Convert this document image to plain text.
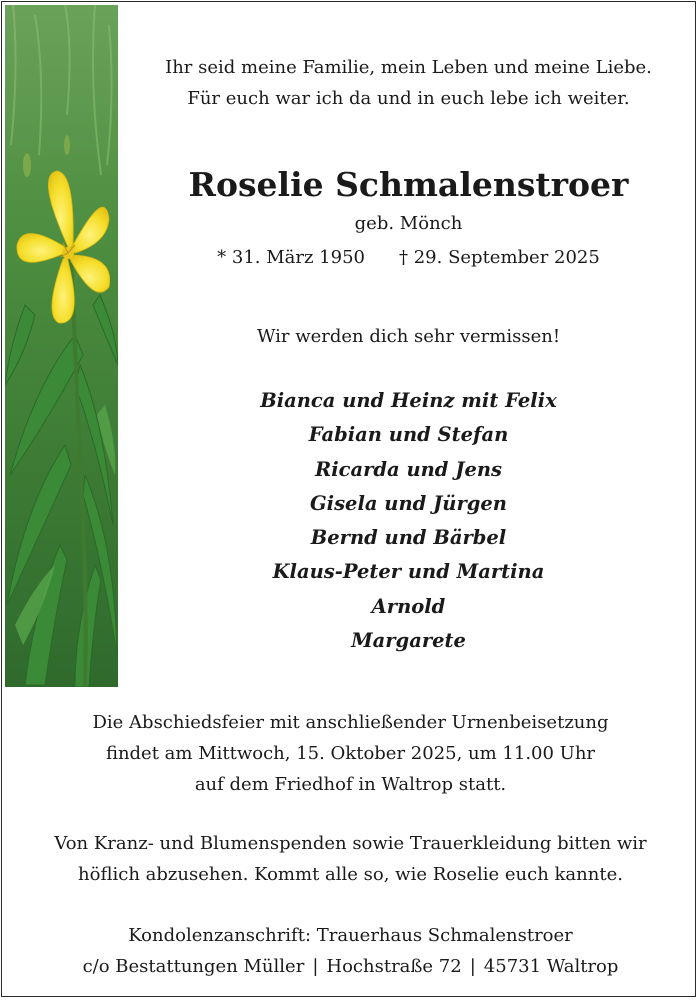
Ihr seid meine Familie, mein Leben und meine Liebe.
Für euch war ich da und in euch lebe ich weiter.
Roselie Schmalenstroer
geb. Mönch
* 31. März 1950 † 29. September 2025
Wir werden dich sehr vermissen!
Bianca und Heinz mit Felix
Fabian und Stefan
Ricarda und Jens
Gisela und Jürgen
Bernd und Bärbel
Klaus-Peter und Martina
Arnold
Margarete
Die Abschiedsfeier mit anschließender Urnenbeisetzung
findet am Mittwoch, 15. Oktober 2025, um 11.00 Uhr
auf dem Friedhof in Waltrop statt.
Von Kranz- und Blumenspenden sowie Trauerkleidung bitten wir
höflich abzusehen. Kommt alle so, wie Roselie euch kannte.
Kondolenzanschrift: Trauerhaus Schmalenstroer
c/o Bestattungen Müller | Hochstraße 72 | 45731 Waltrop
